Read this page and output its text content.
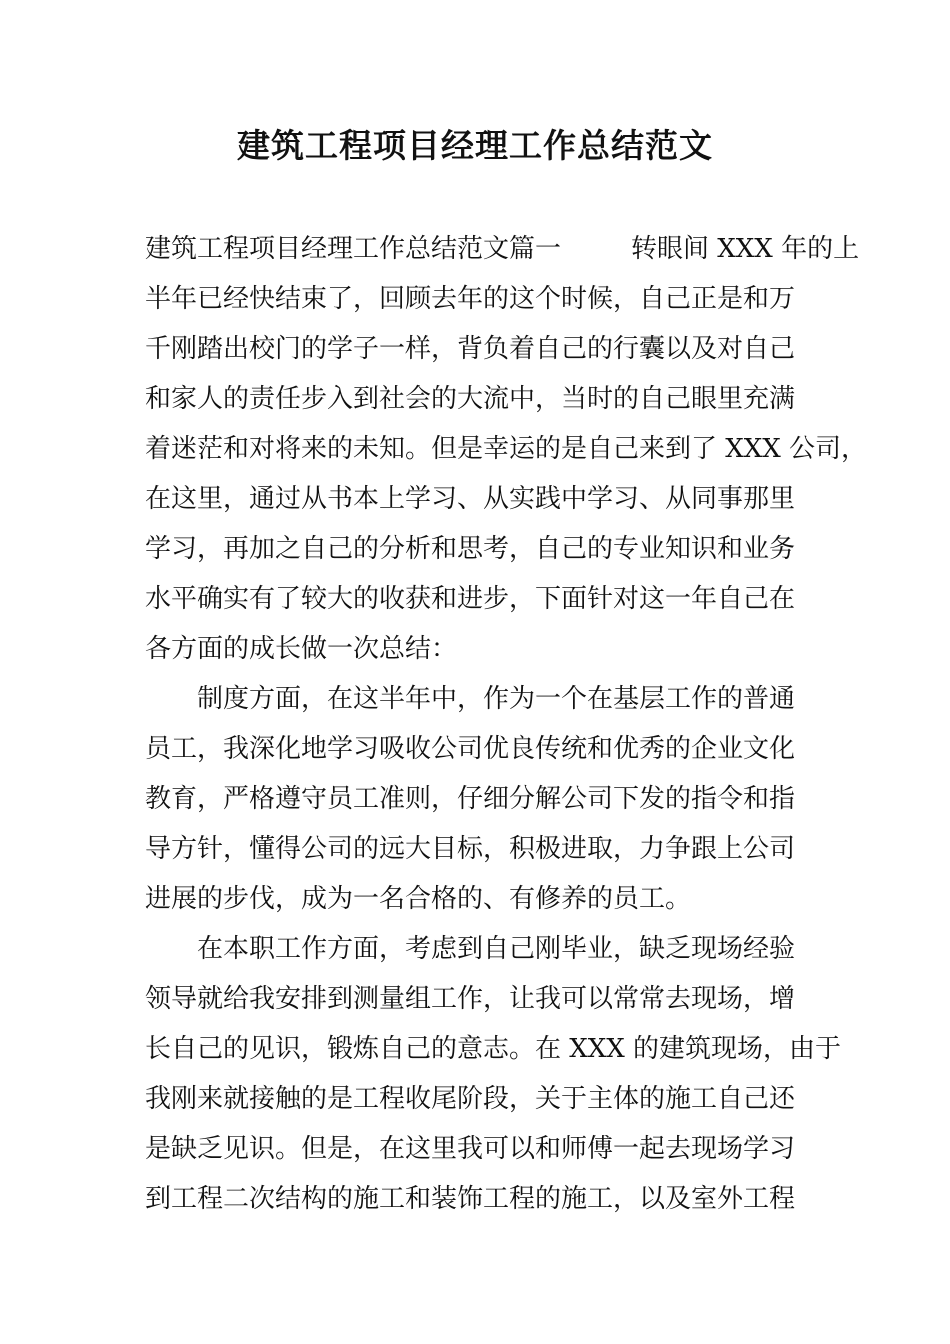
建筑工程项目经理工作总结范文
建筑工程项目经理工作总结范文篇一	转眼间 XXX 年的上
半年已经快结束了，回顾去年的这个时候，自己正是和万
千刚踏出校门的学子一样，背负着自己的行囊以及对自己
和家人的责任步入到社会的大流中，当时的自己眼里充满
着迷茫和对将来的未知。但是幸运的是自己来到了 XXX 公司，
在这里，通过从书本上学习、从实践中学习、从同事那里
学习，再加之自己的分析和思考，自己的专业知识和业务
水平确实有了较大的收获和进步，下面针对这一年自己在
各方面的成长做一次总结：
制度方面，在这半年中，作为一个在基层工作的普通
员工，我深化地学习吸收公司优良传统和优秀的企业文化
教育，严格遵守员工准则，仔细分解公司下发的指令和指
导方针，懂得公司的远大目标，积极进取，力争跟上公司
进展的步伐，成为一名合格的、有修养的员工。
在本职工作方面，考虑到自己刚毕业，缺乏现场经验
领导就给我安排到测量组工作，让我可以常常去现场，增
长自己的见识，锻炼自己的意志。在 XXX 的建筑现场，由于
我刚来就接触的是工程收尾阶段，关于主体的施工自己还
是缺乏见识。但是，在这里我可以和师傅一起去现场学习
到工程二次结构的施工和装饰工程的施工，以及室外工程
